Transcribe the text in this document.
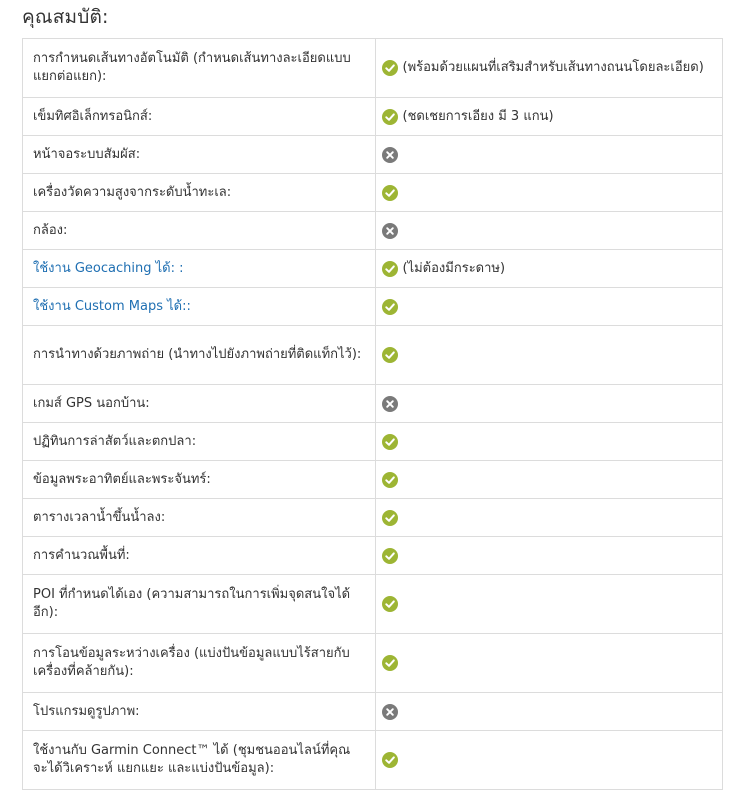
คุณสมบัติ:
การกำหนดเส้นทางอัตโนมัติ (กำหนดเส้นทางละเอียดแบบแยกต่อแยก):	(พร้อมด้วยแผนที่เสริมสำหรับเส้นทางถนนโดยละเอียด)

เข็มทิศอิเล็กทรอนิกส์:	(ชดเชยการเอียง มี 3 แกน)

หน้าจอระบบสัมผัส:	

เครื่องวัดความสูงจากระดับน้ำทะเล:	

กล้อง:	

ใช้งาน Geocaching ได้: :	(ไม่ต้องมีกระดาษ)

ใช้งาน Custom Maps ได้::	

การนำทางด้วยภาพถ่าย (นำทางไปยังภาพถ่ายที่ติดแท็กไว้):	

เกมส์ GPS นอกบ้าน:	

ปฏิทินการล่าสัตว์และตกปลา:	

ข้อมูลพระอาทิตย์และพระจันทร์:	

ตารางเวลาน้ำขึ้นน้ำลง:	

การคำนวณพื้นที่:	

POI ที่กำหนดได้เอง (ความสามารถในการเพิ่มจุดสนใจได้อีก):	

การโอนข้อมูลระหว่างเครื่อง (แบ่งปันข้อมูลแบบไร้สายกับเครื่องที่คล้ายกัน):	

โปรแกรมดูรูปภาพ:	

ใช้งานกับ Garmin Connect™ ได้ (ชุมชนออนไลน์ที่คุณจะได้วิเคราะห์ แยกแยะ และแบ่งปันข้อมูล):	
